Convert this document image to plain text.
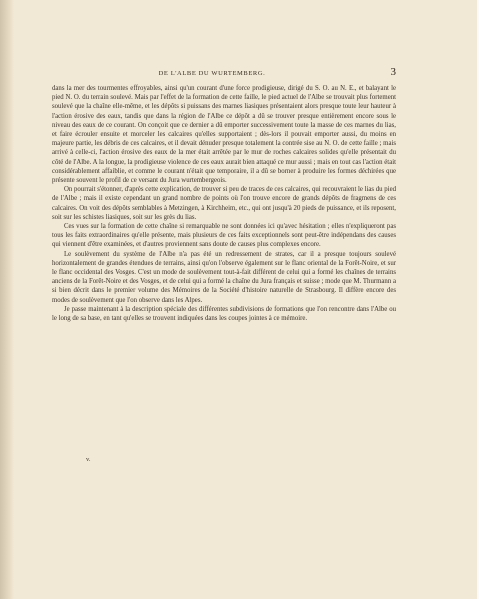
DE L'ALBE DU WURTEMBERG.	3

dans la mer des tourmentes effroyables, ainsi qu'un courant d'une force prodigieuse, dirigé du S. O. au N. E., et balayant le pied N. O. du terrain soulevé. Mais par l'effet de la formation de cette faille, le pied actuel de l'Albe se trouvait plus fortement soulevé que la chaîne elle-même, et les dépôts si puissans des marnes liasiques présentaient alors presque toute leur hauteur à l'action érosive des eaux, tandis que dans la région de l'Albe ce dépôt a dû se trouver presque entièrement encore sous le niveau des eaux de ce courant. On conçoit que ce dernier a dû emporter successivement toute la masse de ces marnes du lias, et faire écrouler ensuite et morceler les calcaires qu'elles supportaient ; dès-lors il pouvait emporter aussi, du moins en majeure partie, les débris de ces calcaires, et il devait dénuder presque totalement la contrée sise au N. O. de cette faille ; mais arrivé à celle-ci, l'action érosive des eaux de la mer était arrêtée par le mur de roches calcaires solides qu'elle présentait du côté de l'Albe. A la longue, la prodigieuse violence de ces eaux aurait bien attaqué ce mur aussi ; mais en tout cas l'action était considérablement affaiblie, et comme le courant n'était que temporaire, il a dû se borner à produire les formes déchirées que présente souvent le profil de ce versant du Jura wurtembergeois.

On pourrait s'étonner, d'après cette explication, de trouver si peu de traces de ces calcaires, qui recouvraient le lias du pied de l'Albe ; mais il existe cependant un grand nombre de points où l'on trouve encore de grands dépôts de fragmens de ces calcaires. On voit des dépôts semblables à Metzingen, à Kirchheim, etc., qui ont jusqu'à 20 pieds de puissance, et ils reposent, soit sur les schistes liasiques, soit sur les grès du lias.

Ces vues sur la formation de cette chaîne si remarquable ne sont données ici qu'avec hésitation ; elles n'expliqueront pas tous les faits extraordinaires qu'elle présente, mais plusieurs de ces faits exceptionnels sont peut-être indépendans des causes qui viennent d'être examinées, et d'autres proviennent sans doute de causes plus complexes encore.

Le soulèvement du système de l'Albe n'a pas été un redressement de strates, car il a presque toujours soulevé horizontalement de grandes étendues de terrains, ainsi qu'on l'observe également sur le flanc oriental de la Forêt-Noire, et sur le flanc occidental des Vosges. C'est un mode de soulèvement tout-à-fait différent de celui qui a formé les chaînes de terrains anciens de la Forêt-Noire et des Vosges, et de celui qui a formé la chaîne du Jura français et suisse ; mode que M. Thurmann a si bien décrit dans le premier volume des Mémoires de la Société d'histoire naturelle de Strasbourg. Il diffère encore des modes de soulèvement que l'on observe dans les Alpes.

Je passe maintenant à la description spéciale des différentes subdivisions de formations que l'on rencontre dans l'Albe ou le long de sa base, en tant qu'elles se trouvent indiquées dans les coupes jointes à ce mémoire.

v.
